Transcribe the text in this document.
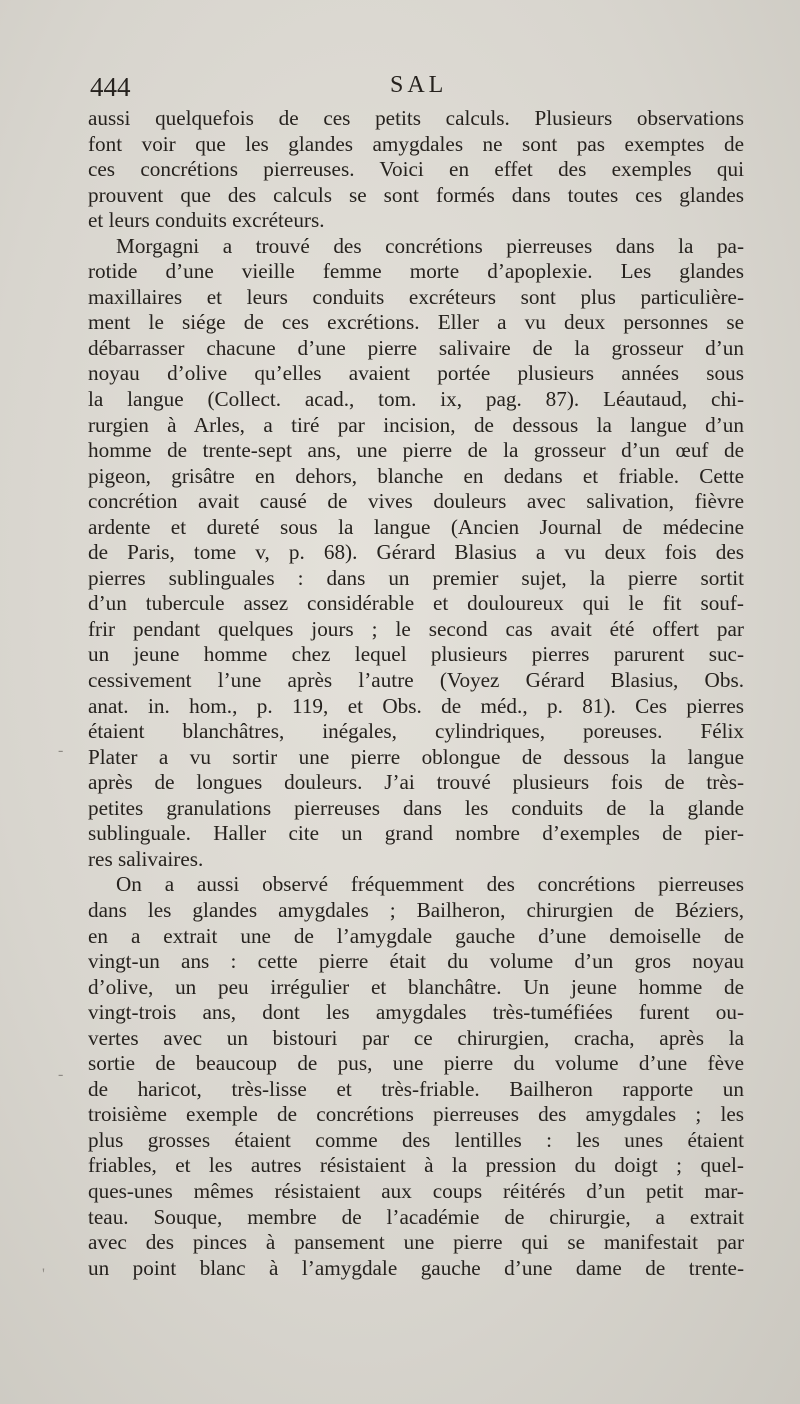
444	SAL
aussi quelquefois de ces petits calculs. Plusieurs observations
font voir que les glandes amygdales ne sont pas exemptes de
ces concrétions pierreuses. Voici en effet des exemples qui
prouvent que des calculs se sont formés dans toutes ces glandes
et leurs conduits excréteurs.
Morgagni a trouvé des concrétions pierreuses dans la pa-
rotide d’une vieille femme morte d’apoplexie. Les glandes
maxillaires et leurs conduits excréteurs sont plus particulière-
ment le siége de ces excrétions. Eller a vu deux personnes se
débarrasser chacune d’une pierre salivaire de la grosseur d’un
noyau d’olive qu’elles avaient portée plusieurs années sous
la langue (Collect. acad., tom. ix, pag. 87). Léautaud, chi-
rurgien à Arles, a tiré par incision, de dessous la langue d’un
homme de trente-sept ans, une pierre de la grosseur d’un œuf de
pigeon, grisâtre en dehors, blanche en dedans et friable. Cette
concrétion avait causé de vives douleurs avec salivation, fièvre
ardente et dureté sous la langue (Ancien Journal de médecine
de Paris, tome v, p. 68). Gérard Blasius a vu deux fois des
pierres sublinguales : dans un premier sujet, la pierre sortit
d’un tubercule assez considérable et douloureux qui le fit souf-
frir pendant quelques jours ; le second cas avait été offert par
un jeune homme chez lequel plusieurs pierres parurent suc-
cessivement l’une après l’autre (Voyez Gérard Blasius, Obs.
anat. in. hom., p. 119, et Obs. de méd., p. 81). Ces pierres
étaient blanchâtres, inégales, cylindriques, poreuses. Félix
Plater a vu sortir une pierre oblongue de dessous la langue
après de longues douleurs. J’ai trouvé plusieurs fois de très-
petites granulations pierreuses dans les conduits de la glande
sublinguale. Haller cite un grand nombre d’exemples de pier-
res salivaires.
On a aussi observé fréquemment des concrétions pierreuses
dans les glandes amygdales ; Bailheron, chirurgien de Béziers,
en a extrait une de l’amygdale gauche d’une demoiselle de
vingt-un ans : cette pierre était du volume d’un gros noyau
d’olive, un peu irrégulier et blanchâtre. Un jeune homme de
vingt-trois ans, dont les amygdales très-tuméfiées furent ou-
vertes avec un bistouri par ce chirurgien, cracha, après la
sortie de beaucoup de pus, une pierre du volume d’une fève
de haricot, très-lisse et très-friable. Bailheron rapporte un
troisième exemple de concrétions pierreuses des amygdales ; les
plus grosses étaient comme des lentilles : les unes étaient
friables, et les autres résistaient à la pression du doigt ; quel-
ques-unes mêmes résistaient aux coups réitérés d’un petit mar-
teau. Souque, membre de l’académie de chirurgie, a extrait
avec des pinces à pansement une pierre qui se manifestait par
un point blanc à l’amygdale gauche d’une dame de trente-
-
-
'
